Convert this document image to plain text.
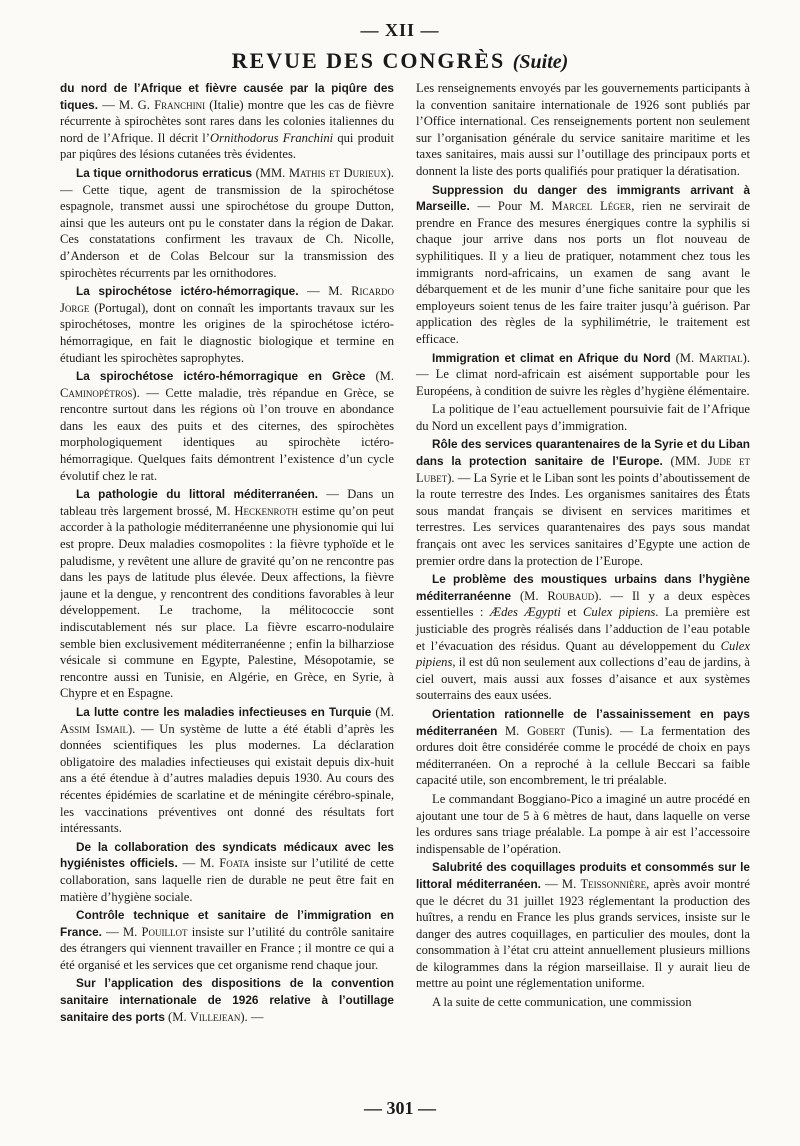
— XII —
REVUE DES CONGRÈS (Suite)

du nord de l’Afrique et fièvre causée par la piqûre des tiques. — M. G. Franchini (Italie) montre que les cas de fièvre récurrente à spirochètes sont rares dans les colonies italiennes du nord de l’Afrique. Il décrit l’Ornithodorus Franchini qui produit par piqûres des lésions cutanées très évidentes.

La tique ornithodorus erraticus (MM. Mathis et Durieux). — Cette tique, agent de transmission de la spirochétose espagnole, transmet aussi une spirochétose du groupe Dutton, ainsi que les auteurs ont pu le constater dans la région de Dakar. Ces constatations confirment les travaux de Ch. Nicolle, d’Anderson et de Colas Belcour sur la transmission des spirochètes récurrents par les ornithodores.

La spirochétose ictéro-hémorragique. — M. Ricardo Jorge (Portugal), dont on connaît les importants travaux sur les spirochétoses, montre les origines de la spirochétose ictéro-hémorragique, en fait le diagnostic biologique et termine en étudiant les spirochètes saprophytes.

La spirochétose ictéro-hémorragique en Grèce (M. Caminopétros). — Cette maladie, très répandue en Grèce, se rencontre surtout dans les régions où l’on trouve en abondance dans les eaux des puits et des citernes, des spirochètes morphologiquement identiques au spirochète ictéro-hémorragique. Quelques faits démontrent l’existence d’un cycle évolutif chez le rat.

La pathologie du littoral méditerranéen. — Dans un tableau très largement brossé, M. Heckenroth estime qu’on peut accorder à la pathologie méditerranéenne une physionomie qui lui est propre. Deux maladies cosmopolites : la fièvre typhoïde et le paludisme, y revêtent une allure de gravité qu’on ne rencontre pas dans les pays de latitude plus élevée. Deux affections, la fièvre jaune et la dengue, y rencontrent des conditions favorables à leur développement. Le trachome, la mélitococcie sont indiscutablement nés sur place. La fièvre escarro-nodulaire semble bien exclusivement méditerranéenne ; enfin la bilharziose vésicale si commune en Egypte, Palestine, Mésopotamie, se rencontre aussi en Tunisie, en Algérie, en Grèce, en Syrie, à Chypre et en Espagne.

La lutte contre les maladies infectieuses en Turquie (M. Assim Ismail). — Un système de lutte a été établi d’après les données scientifiques les plus modernes. La déclaration obligatoire des maladies infectieuses qui existait depuis dix-huit ans a été étendue à d’autres maladies depuis 1930. Au cours des récentes épidémies de scarlatine et de méningite cérébro-spinale, les vaccinations préventives ont donné des résultats fort intéressants.

De la collaboration des syndicats médicaux avec les hygiénistes officiels. — M. Foata insiste sur l’utilité de cette collaboration, sans laquelle rien de durable ne peut être fait en matière d’hygiène sociale.

Contrôle technique et sanitaire de l’immigration en France. — M. Pouillot insiste sur l’utilité du contrôle sanitaire des étrangers qui viennent travailler en France ; il montre ce qui a été organisé et les services que cet organisme rend chaque jour.

Sur l’application des dispositions de la convention sanitaire internationale de 1926 relative à l’outillage sanitaire des ports (M. Villejean). —

Les renseignements envoyés par les gouvernements participants à la convention sanitaire internationale de 1926 sont publiés par l’Office international. Ces renseignements portent non seulement sur l’organisation générale du service sanitaire maritime et les taxes sanitaires, mais aussi sur l’outillage des principaux ports et donnent la liste des ports qualifiés pour pratiquer la dératisation.

Suppression du danger des immigrants arrivant à Marseille. — Pour M. Marcel Léger, rien ne servirait de prendre en France des mesures énergiques contre la syphilis si chaque jour arrive dans nos ports un flot nouveau de syphilitiques. Il y a lieu de pratiquer, notamment chez tous les immigrants nord-africains, un examen de sang avant le débarquement et de les munir d’une fiche sanitaire pour que les employeurs soient tenus de les faire traiter jusqu’à guérison. Par application des règles de la syphilimétrie, le traitement est efficace.

Immigration et climat en Afrique du Nord (M. Martial). — Le climat nord-africain est aisément supportable pour les Européens, à condition de suivre les règles d’hygiène élémentaire.

La politique de l’eau actuellement poursuivie fait de l’Afrique du Nord un excellent pays d’immigration.

Rôle des services quarantenaires de la Syrie et du Liban dans la protection sanitaire de l’Europe. (MM. Jude et Lubet). — La Syrie et le Liban sont les points d’aboutissement de la route terrestre des Indes. Les organismes sanitaires des États sous mandat français se divisent en services maritimes et terrestres. Les services quarantenaires des pays sous mandat français ont avec les services sanitaires d’Egypte une action de premier ordre dans la protection de l’Europe.

Le problème des moustiques urbains dans l’hygiène méditerranéenne (M. Roubaud). — Il y a deux espèces essentielles : Ædes Ægypti et Culex pipiens. La première est justiciable des progrès réalisés dans l’adduction de l’eau potable et l’évacuation des résidus. Quant au développement du Culex pipiens, il est dû non seulement aux collections d’eau de jardins, à ciel ouvert, mais aussi aux fosses d’aisance et aux systèmes souterrains des eaux usées.

Orientation rationnelle de l’assainissement en pays méditerranéen M. Gobert (Tunis). — La fermentation des ordures doit être considérée comme le procédé de choix en pays méditerranéen. On a reproché à la cellule Beccari sa faible capacité utile, son encombrement, le tri préalable.

Le commandant Boggiano-Pico a imaginé un autre procédé en ajoutant une tour de 5 à 6 mètres de haut, dans laquelle on verse les ordures sans triage préalable. La pompe à air est l’accessoire indispensable de l’opération.

Salubrité des coquillages produits et consommés sur le littoral méditerranéen. — M. Teissonnière, après avoir montré que le décret du 31 juillet 1923 réglementant la production des huîtres, a rendu en France les plus grands services, insiste sur le danger des autres coquillages, en particulier des moules, dont la consommation à l’état cru atteint annuellement plusieurs millions de kilogrammes dans la région marseillaise. Il y aurait lieu de mettre au point une réglementation uniforme.

A la suite de cette communication, une commission

— 301 —
